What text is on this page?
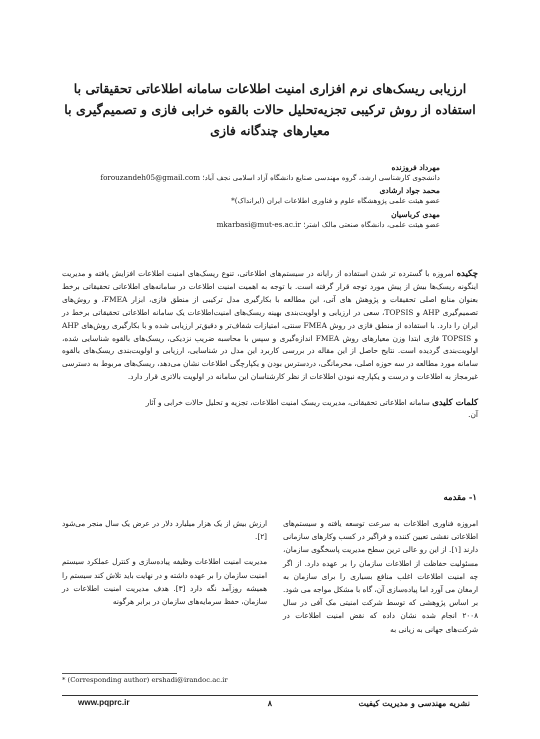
ارزیابی ریسک‌های نرم افزاری امنیت اطلاعات سامانه اطلاعاتی تحقیقاتی با استفاده از روش ترکیبی تجزیه‌تحلیل حالات بالقوه خرابی فازی و تصمیم‌گیری با معیارهای چندگانه فازی
مهرداد فروزنده
دانشجوی کارشناسی ارشد، گروه مهندسی صنایع دانشگاه آزاد اسلامی نجف آباد؛ forouzandeh05@gmail.com
محمد جواد ارشادی
عضو هیئت علمی پژوهشگاه علوم و فناوری اطلاعات ایران (ایرانداک)*
مهدی کرباسیان
عضو هیئت علمی، دانشگاه صنعتی مالک اشتر؛ mkarbasi@mut-es.ac.ir
چکیده امروزه با گسترده تر شدن استفاده از رایانه در سیستم‌های اطلاعاتی، تنوع ریسک‌های امنیت اطلاعات افزایش یافته و مدیریت اینگونه ریسک‌ها بیش از پیش مورد توجه قرار گرفته است. با توجه به اهمیت امنیت اطلاعات در سامانه‌های اطلاعاتی تحقیقاتی برخط بعنوان منابع اصلی تحقیقات و پژوهش های آتی، این مطالعه با بکارگیری مدل ترکیبی از منطق فازی، ابزار FMEA، و روش‌های تصمیم‌گیری AHP و TOPSIS، سعی در ارزیابی و اولویت‌بندی بهینه ریسک‌های امنیت‌اطلاعات یک سامانه اطلاعاتی تحقیقاتی برخط در ایران را دارد. با استفاده از منطق فازی در روش FMEA سنتی، امتیازات شفاف‌تر و دقیق‌تر ارزیابی شده و با بکارگیری روش‌های AHP و TOPSIS فازی ابتدا وزن معیارهای روش FMEA اندازه‌گیری و سپس با محاسبه ضریب نزدیکی، ریسک‌های بالقوه شناسایی شده، اولویت‌بندی گردیده است. نتایج حاصل از این مقاله در بررسی کاربرد این مدل در شناسایی، ارزیابی و اولویت‌بندی ریسک‌های بالقوه سامانه مورد مطالعه در سه حوزه اصلی، محرمانگی، دردسترس بودن و یکپارچگی اطلاعات نشان می‌دهد، ریسک‌های مربوط به دسترسی غیرمجاز به اطلاعات و درست و یکپارچه نبودن اطلاعات از نظر کارشناسان این سامانه در اولویت بالاتری قرار دارد.
کلمات کلیدی سامانه اطلاعاتی تحقیقاتی، مدیریت ریسک امنیت اطلاعات، تجزیه و تحلیل حالات خرابی و آثار آن.
۱- مقدمه

امروزه فناوری اطلاعات به سرعت توسعه یافته و سیستم‌های اطلاعاتی نقشی تعیین کننده و فراگیر در کسب وکارهای سازمانی دارند [۱]. از این رو عالی ترین سطح مدیریت پاسخگوی سازمان، مسئولیت حفاظت از اطلاعات سازمان را بر عهده دارد. از اگر چه امنیت اطلاعات اغلب منافع بسیاری را برای سازمان به ارمغان می آورد اما پیاده‌سازی آن، گاه با مشکل مواجه می شود. بر اساس پژوهشی که توسط شرکت امنیتی مک آفی در سال ۲۰۰۸ انجام شده نشان داده که نقض امنیت اطلاعات در شرکت‌های جهانی به زیانی به

ارزش بیش از یک هزار میلیارد دلار در عرض یک سال منجر می‌شود [۲].

مدیریت امنیت اطلاعات وظیفه پیاده‌سازی و کنترل عملکرد سیستم امنیت سازمان را بر عهده داشته و در نهایت باید تلاش کند سیستم را همیشه روزآمد نگه دارد [۳]. هدف مدیریت امنیت اطلاعات در سازمان، حفظ سرمایه‌های سازمان در برابر هرگونه

* (Corresponding author) ershadi@irandoc.ac.ir
www.pqprc.ir	۸	نشریه مهندسی و مدیریت کیفیت
